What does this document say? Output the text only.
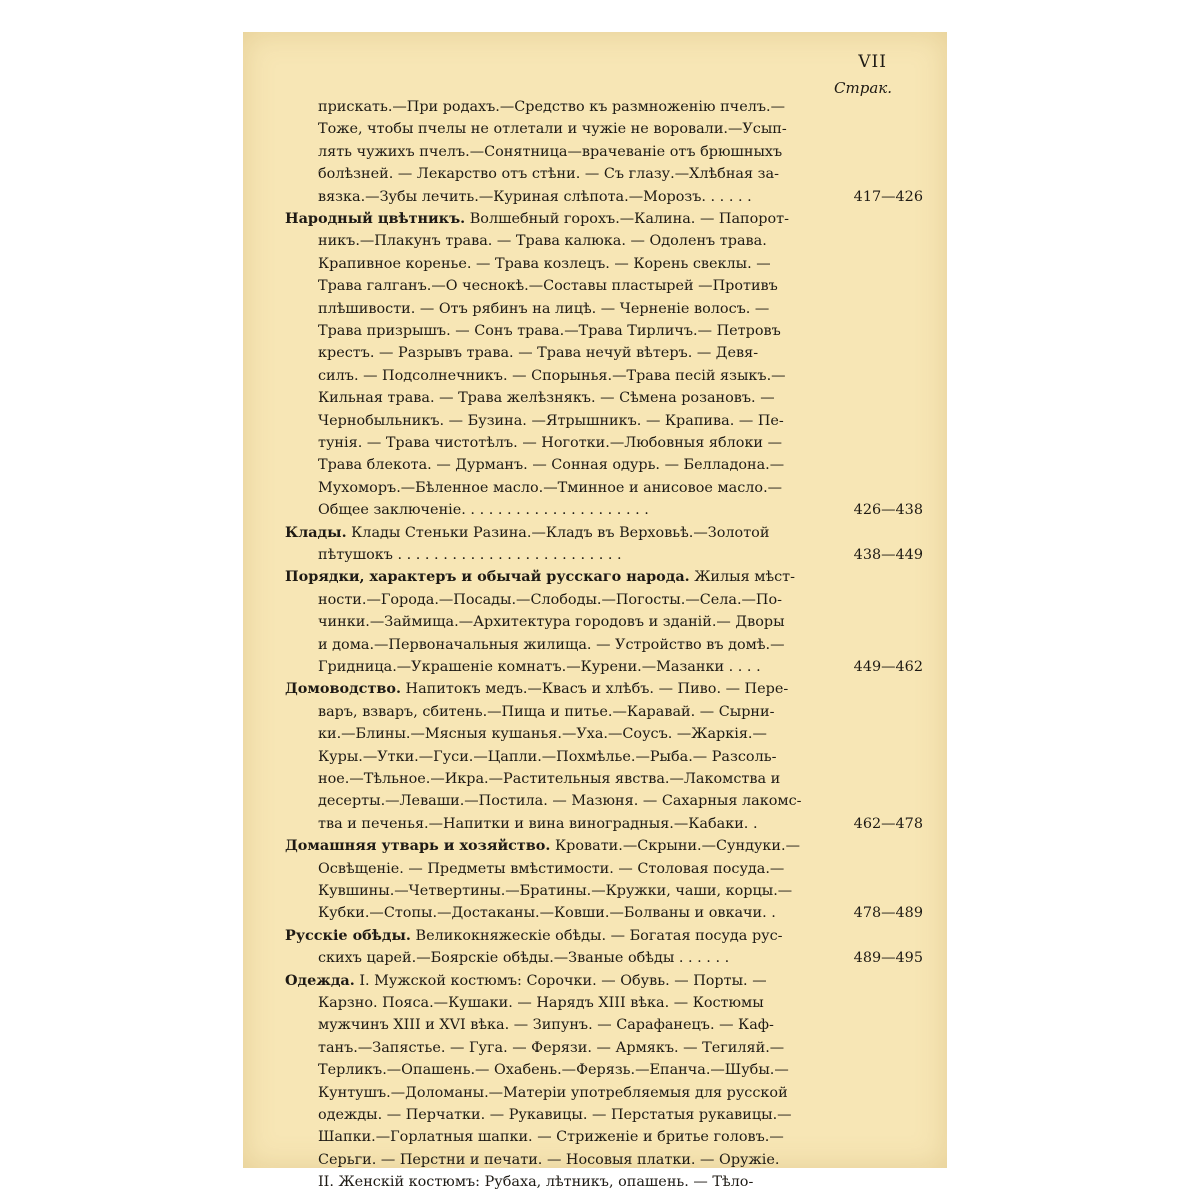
VII
Страк.
прискать.—При родахъ.—Средство къ размноженію пчелъ.—
Тоже, чтобы пчелы не отлетали и чужіе не воровали.—Усып-
лять чужихъ пчелъ.—Сонятница—врачеваніе отъ брюшныхъ
болѣзней. — Лекарство отъ стѣни. — Съ глазу.—Хлѣбная за-
вязка.—Зубы лечить.—Куриная слѣпота.—Морозъ. . . . . .	417—426
Народный цвѣтникъ. Волшебный горохъ.—Калина. — Папорот-
никъ.—Плакунъ трава. — Трава калюка. — Одоленъ трава.
Крапивное коренье. — Трава козлецъ. — Корень свеклы. —
Трава галганъ.—О чеснокѣ.—Составы пластырей —Противъ
плѣшивости. — Отъ рябинъ на лицѣ. — Черненіе волосъ. —
Трава призрышъ. — Сонъ трава.—Трава Тирличъ.— Петровъ
крестъ. — Разрывъ трава. — Трава нечуй вѣтеръ. — Девя-
силъ. — Подсолнечникъ. — Спорынья.—Трава песій языкъ.—
Кильная трава. — Трава желѣзнякъ. — Сѣмена розановъ. —
Чернобыльникъ. — Бузина. —Ятрышникъ. — Крапива. — Пе-
тунія. — Трава чистотѣлъ. — Ноготки.—Любовныя яблоки —
Трава блекота. — Дурманъ. — Сонная одурь. — Белладона.—
Мухоморъ.—Бѣленное масло.—Тминное и анисовое масло.—
Общее заключеніе. . . . . . . . . . . . . . . . . . . . .	426—438
Клады. Клады Стеньки Разина.—Кладъ въ Верховьѣ.—Золотой
пѣтушокъ . . . . . . . . . . . . . . . . . . . . . . . . .	438—449
Порядки, характеръ и обычай русскаго народа. Жилыя мѣст-
ности.—Города.—Посады.—Слободы.—Погосты.—Села.—По-
чинки.—Займища.—Архитектура городовъ и зданій.— Дворы
и дома.—Первоначальныя жилища. — Устройство въ домѣ.—
Гридница.—Украшеніе комнатъ.—Курени.—Мазанки . . . .	449—462
Домоводство. Напитокъ медъ.—Квасъ и хлѣбъ. — Пиво. — Пере-
варъ, взваръ, сбитень.—Пища и питье.—Каравай. — Сырни-
ки.—Блины.—Мясныя кушанья.—Уха.—Соусъ. —Жаркія.—
Куры.—Утки.—Гуси.—Цапли.—Похмѣлье.—Рыба.— Разсоль-
ное.—Тѣльное.—Икра.—Растительныя явства.—Лакомства и
десерты.—Леваши.—Постила. — Мазюня. — Сахарныя лакомс-
тва и печенья.—Напитки и вина виноградныя.—Кабаки. .	462—478
Домашняя утварь и хозяйство. Кровати.—Скрыни.—Сундуки.—
Освѣщеніе. — Предметы вмѣстимости. — Столовая посуда.—
Кувшины.—Четвертины.—Братины.—Кружки, чаши, корцы.—
Кубки.—Стопы.—Достаканы.—Ковши.—Болваны и овкачи. .	478—489
Русскіе обѣды. Великокняжескіе обѣды. — Богатая посуда рус-
скихъ царей.—Боярскіе обѣды.—Званые обѣды . . . . . .	489—495
Одежда. I. Мужской костюмъ: Сорочки. — Обувь. — Порты. —
Карзно. Пояса.—Кушаки. — Нарядъ XIII вѣка. — Костюмы
мужчинъ XIII и XVI вѣка. — Зипунъ. — Сарафанецъ. — Каф-
танъ.—Запястье. — Гуга. — Ферязи. — Армякъ. — Тегиляй.—
Терликъ.—Опашень.— Охабень.—Ферязь.—Епанча.—Шубы.—
Кунтушъ.—Доломаны.—Матеріи употребляемыя для русской
одежды. — Перчатки. — Рукавицы. — Перстатыя рукавицы.—
Шапки.—Горлатныя шапки. — Стриженіе и бритье головъ.—
Серьги. — Перстни и печати. — Носовыя платки. — Оружіе.
II. Женскій костюмъ: Рубаха, лѣтникъ, опашень. — Тѣло-
